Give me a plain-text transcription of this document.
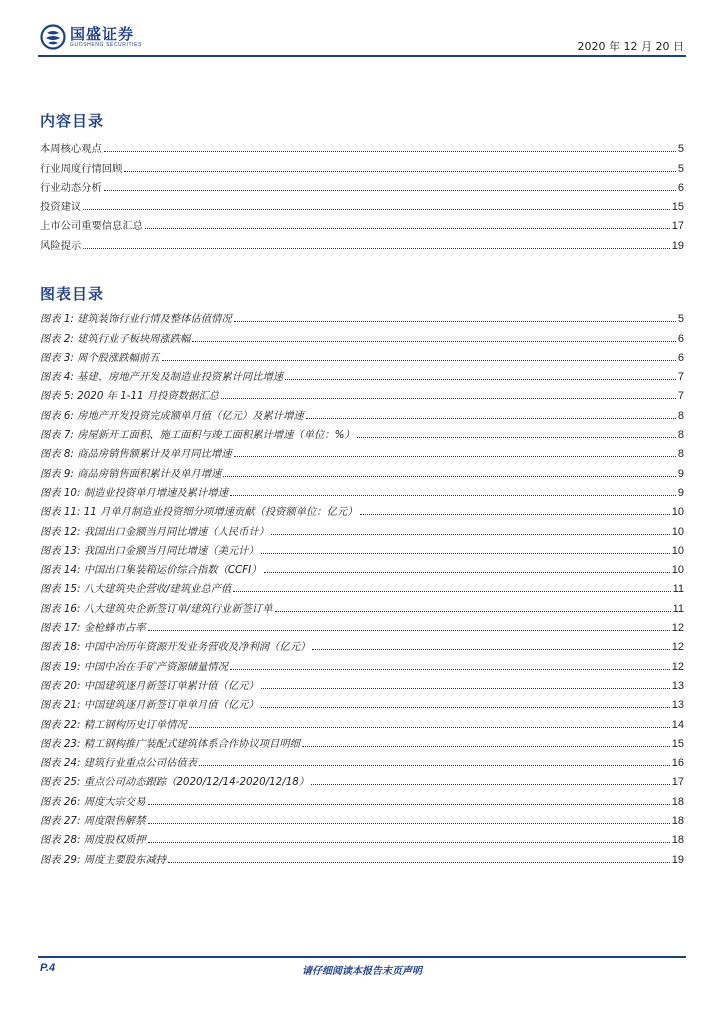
国盛证券
GUOSHENG SECURITIES	2020 年 12 月 20 日
内容目录
本周核心观点	5
行业周度行情回顾	5
行业动态分析	6
投资建议	15
上市公司重要信息汇总	17
风险提示	19
图表目录
图表 1: 建筑装饰行业行情及整体估值情况	5
图表 2: 建筑行业子板块周涨跌幅	6
图表 3: 周个股涨跌幅前五	6
图表 4: 基建、房地产开发及制造业投资累计同比增速	7
图表 5: 2020 年 1-11 月投资数据汇总	7
图表 6: 房地产开发投资完成额单月值（亿元）及累计增速	8
图表 7: 房屋新开工面积、施工面积与竣工面积累计增速（单位：%）	8
图表 8: 商品房销售额累计及单月同比增速	8
图表 9: 商品房销售面积累计及单月增速	9
图表 10: 制造业投资单月增速及累计增速	9
图表 11: 11 月单月制造业投资细分项增速贡献（投资额单位：亿元）	10
图表 12: 我国出口金额当月同比增速（人民币计）	10
图表 13: 我国出口金额当月同比增速（美元计）	10
图表 14: 中国出口集装箱运价综合指数（CCFI）	10
图表 15: 八大建筑央企营收/建筑业总产值	11
图表 16: 八大建筑央企新签订单/建筑行业新签订单	11
图表 17: 金枪蜂市占率	12
图表 18: 中国中冶历年资源开发业务营收及净利润（亿元）	12
图表 19: 中国中冶在手矿产资源储量情况	12
图表 20: 中国建筑逐月新签订单累计值（亿元）	13
图表 21: 中国建筑逐月新签订单单月值（亿元）	13
图表 22: 精工钢构历史订单情况	14
图表 23: 精工钢构推广装配式建筑体系合作协议项目明细	15
图表 24: 建筑行业重点公司估值表	16
图表 25: 重点公司动态跟踪（2020/12/14-2020/12/18）	17
图表 26: 周度大宗交易	18
图表 27: 周度限售解禁	18
图表 28: 周度股权质押	18
图表 29: 周度主要股东减持	19
P.4	请仔细阅读本报告末页声明
